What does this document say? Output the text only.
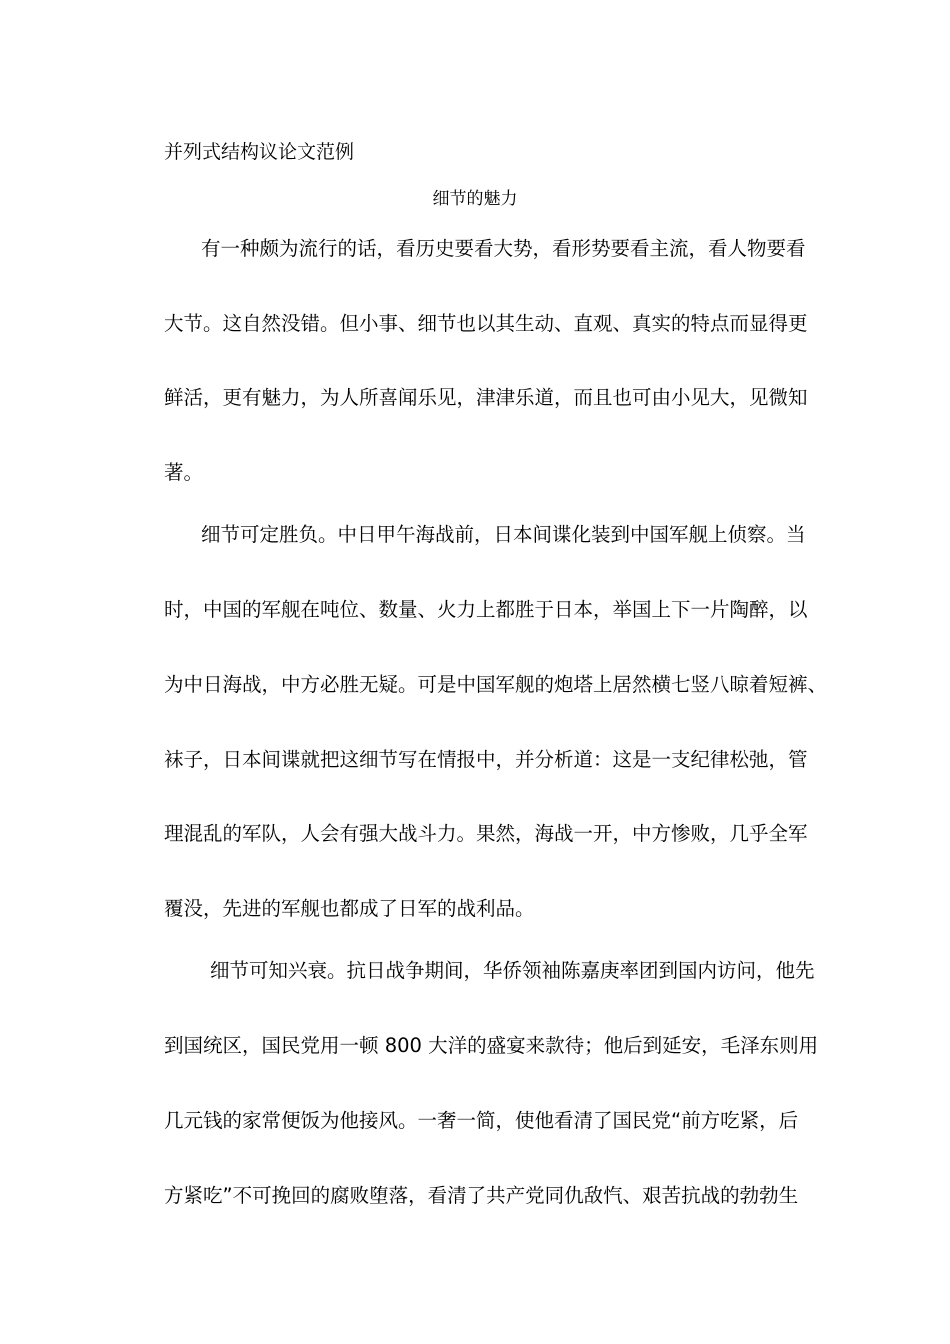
并列式结构议论文范例
细节的魅力
有一种颇为流行的话，看历史要看大势，看形势要看主流，看人物要看
大节。这自然没错。但小事、细节也以其生动、直观、真实的特点而显得更
鲜活，更有魅力，为人所喜闻乐见，津津乐道，而且也可由小见大，见微知
著。
细节可定胜负。中日甲午海战前，日本间谍化装到中国军舰上侦察。当
时，中国的军舰在吨位、数量、火力上都胜于日本，举国上下一片陶醉，以
为中日海战，中方必胜无疑。可是中国军舰的炮塔上居然横七竖八晾着短裤、
袜子，日本间谍就把这细节写在情报中，并分析道：这是一支纪律松弛，管
理混乱的军队，人会有强大战斗力。果然，海战一开，中方惨败，几乎全军
覆没，先进的军舰也都成了日军的战利品。
细节可知兴衰。抗日战争期间，华侨领袖陈嘉庚率团到国内访问，他先
到国统区，国民党用一顿 800 大洋的盛宴来款待；他后到延安，毛泽东则用
几元钱的家常便饭为他接风。一奢一简，使他看清了国民党“前方吃紧，后
方紧吃”不可挽回的腐败堕落，看清了共产党同仇敌忾、艰苦抗战的勃勃生
